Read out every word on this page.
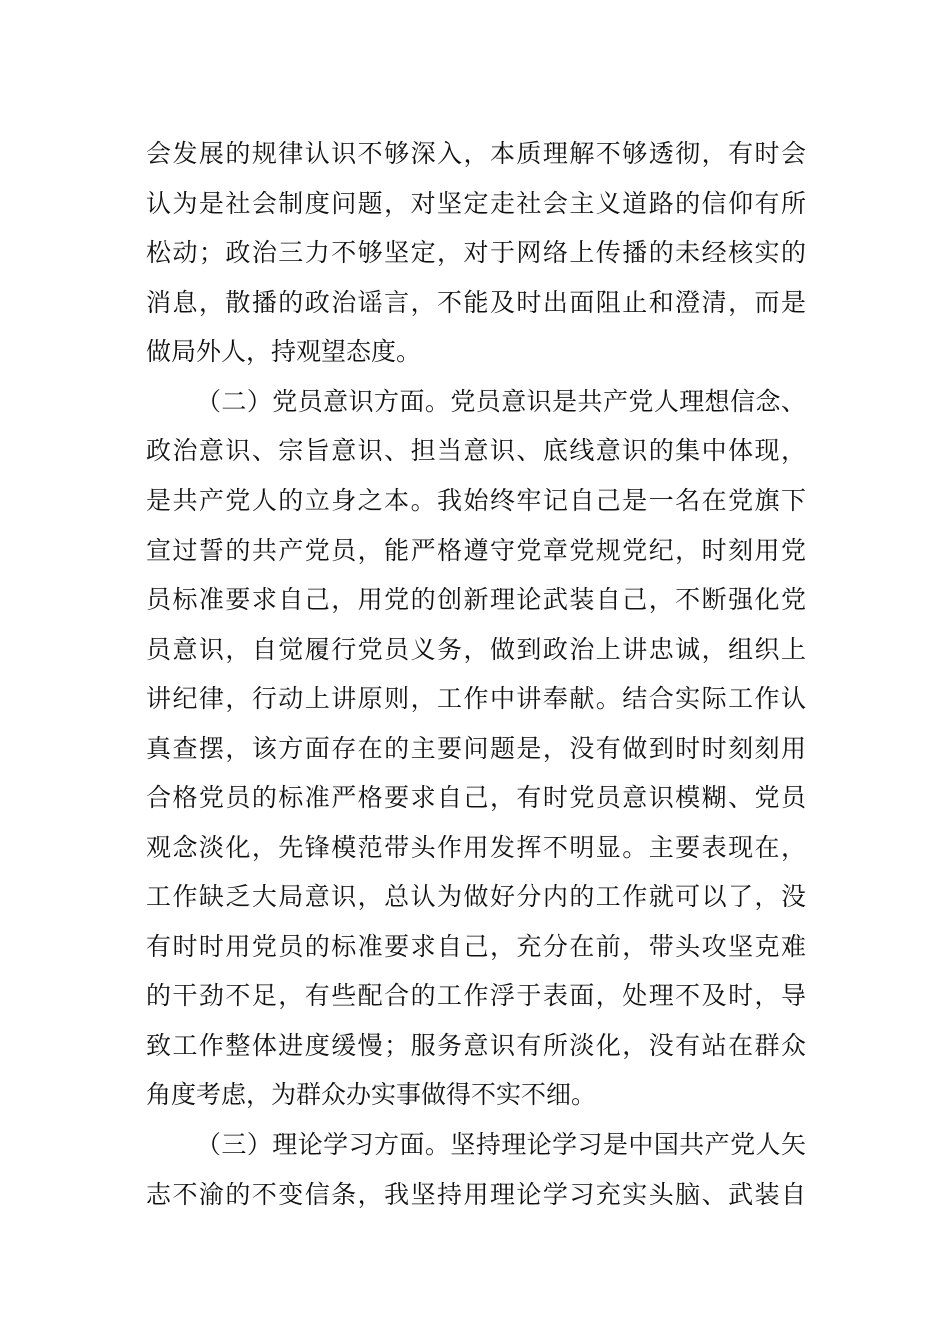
会发展的规律认识不够深入，本质理解不够透彻，有时会
认为是社会制度问题，对坚定走社会主义道路的信仰有所
松动；政治三力不够坚定，对于网络上传播的未经核实的
消息，散播的政治谣言，不能及时出面阻止和澄清，而是
做局外人，持观望态度。
（二）党员意识方面。党员意识是共产党人理想信念、
政治意识、宗旨意识、担当意识、底线意识的集中体现，
是共产党人的立身之本。我始终牢记自己是一名在党旗下
宣过誓的共产党员，能严格遵守党章党规党纪，时刻用党
员标准要求自己，用党的创新理论武装自己，不断强化党
员意识，自觉履行党员义务，做到政治上讲忠诚，组织上
讲纪律，行动上讲原则，工作中讲奉献。结合实际工作认
真查摆，该方面存在的主要问题是，没有做到时时刻刻用
合格党员的标准严格要求自己，有时党员意识模糊、党员
观念淡化，先锋模范带头作用发挥不明显。主要表现在，
工作缺乏大局意识，总认为做好分内的工作就可以了，没
有时时用党员的标准要求自己，充分在前，带头攻坚克难
的干劲不足，有些配合的工作浮于表面，处理不及时，导
致工作整体进度缓慢；服务意识有所淡化，没有站在群众
角度考虑，为群众办实事做得不实不细。
（三）理论学习方面。坚持理论学习是中国共产党人矢
志不渝的不变信条，我坚持用理论学习充实头脑、武装自
